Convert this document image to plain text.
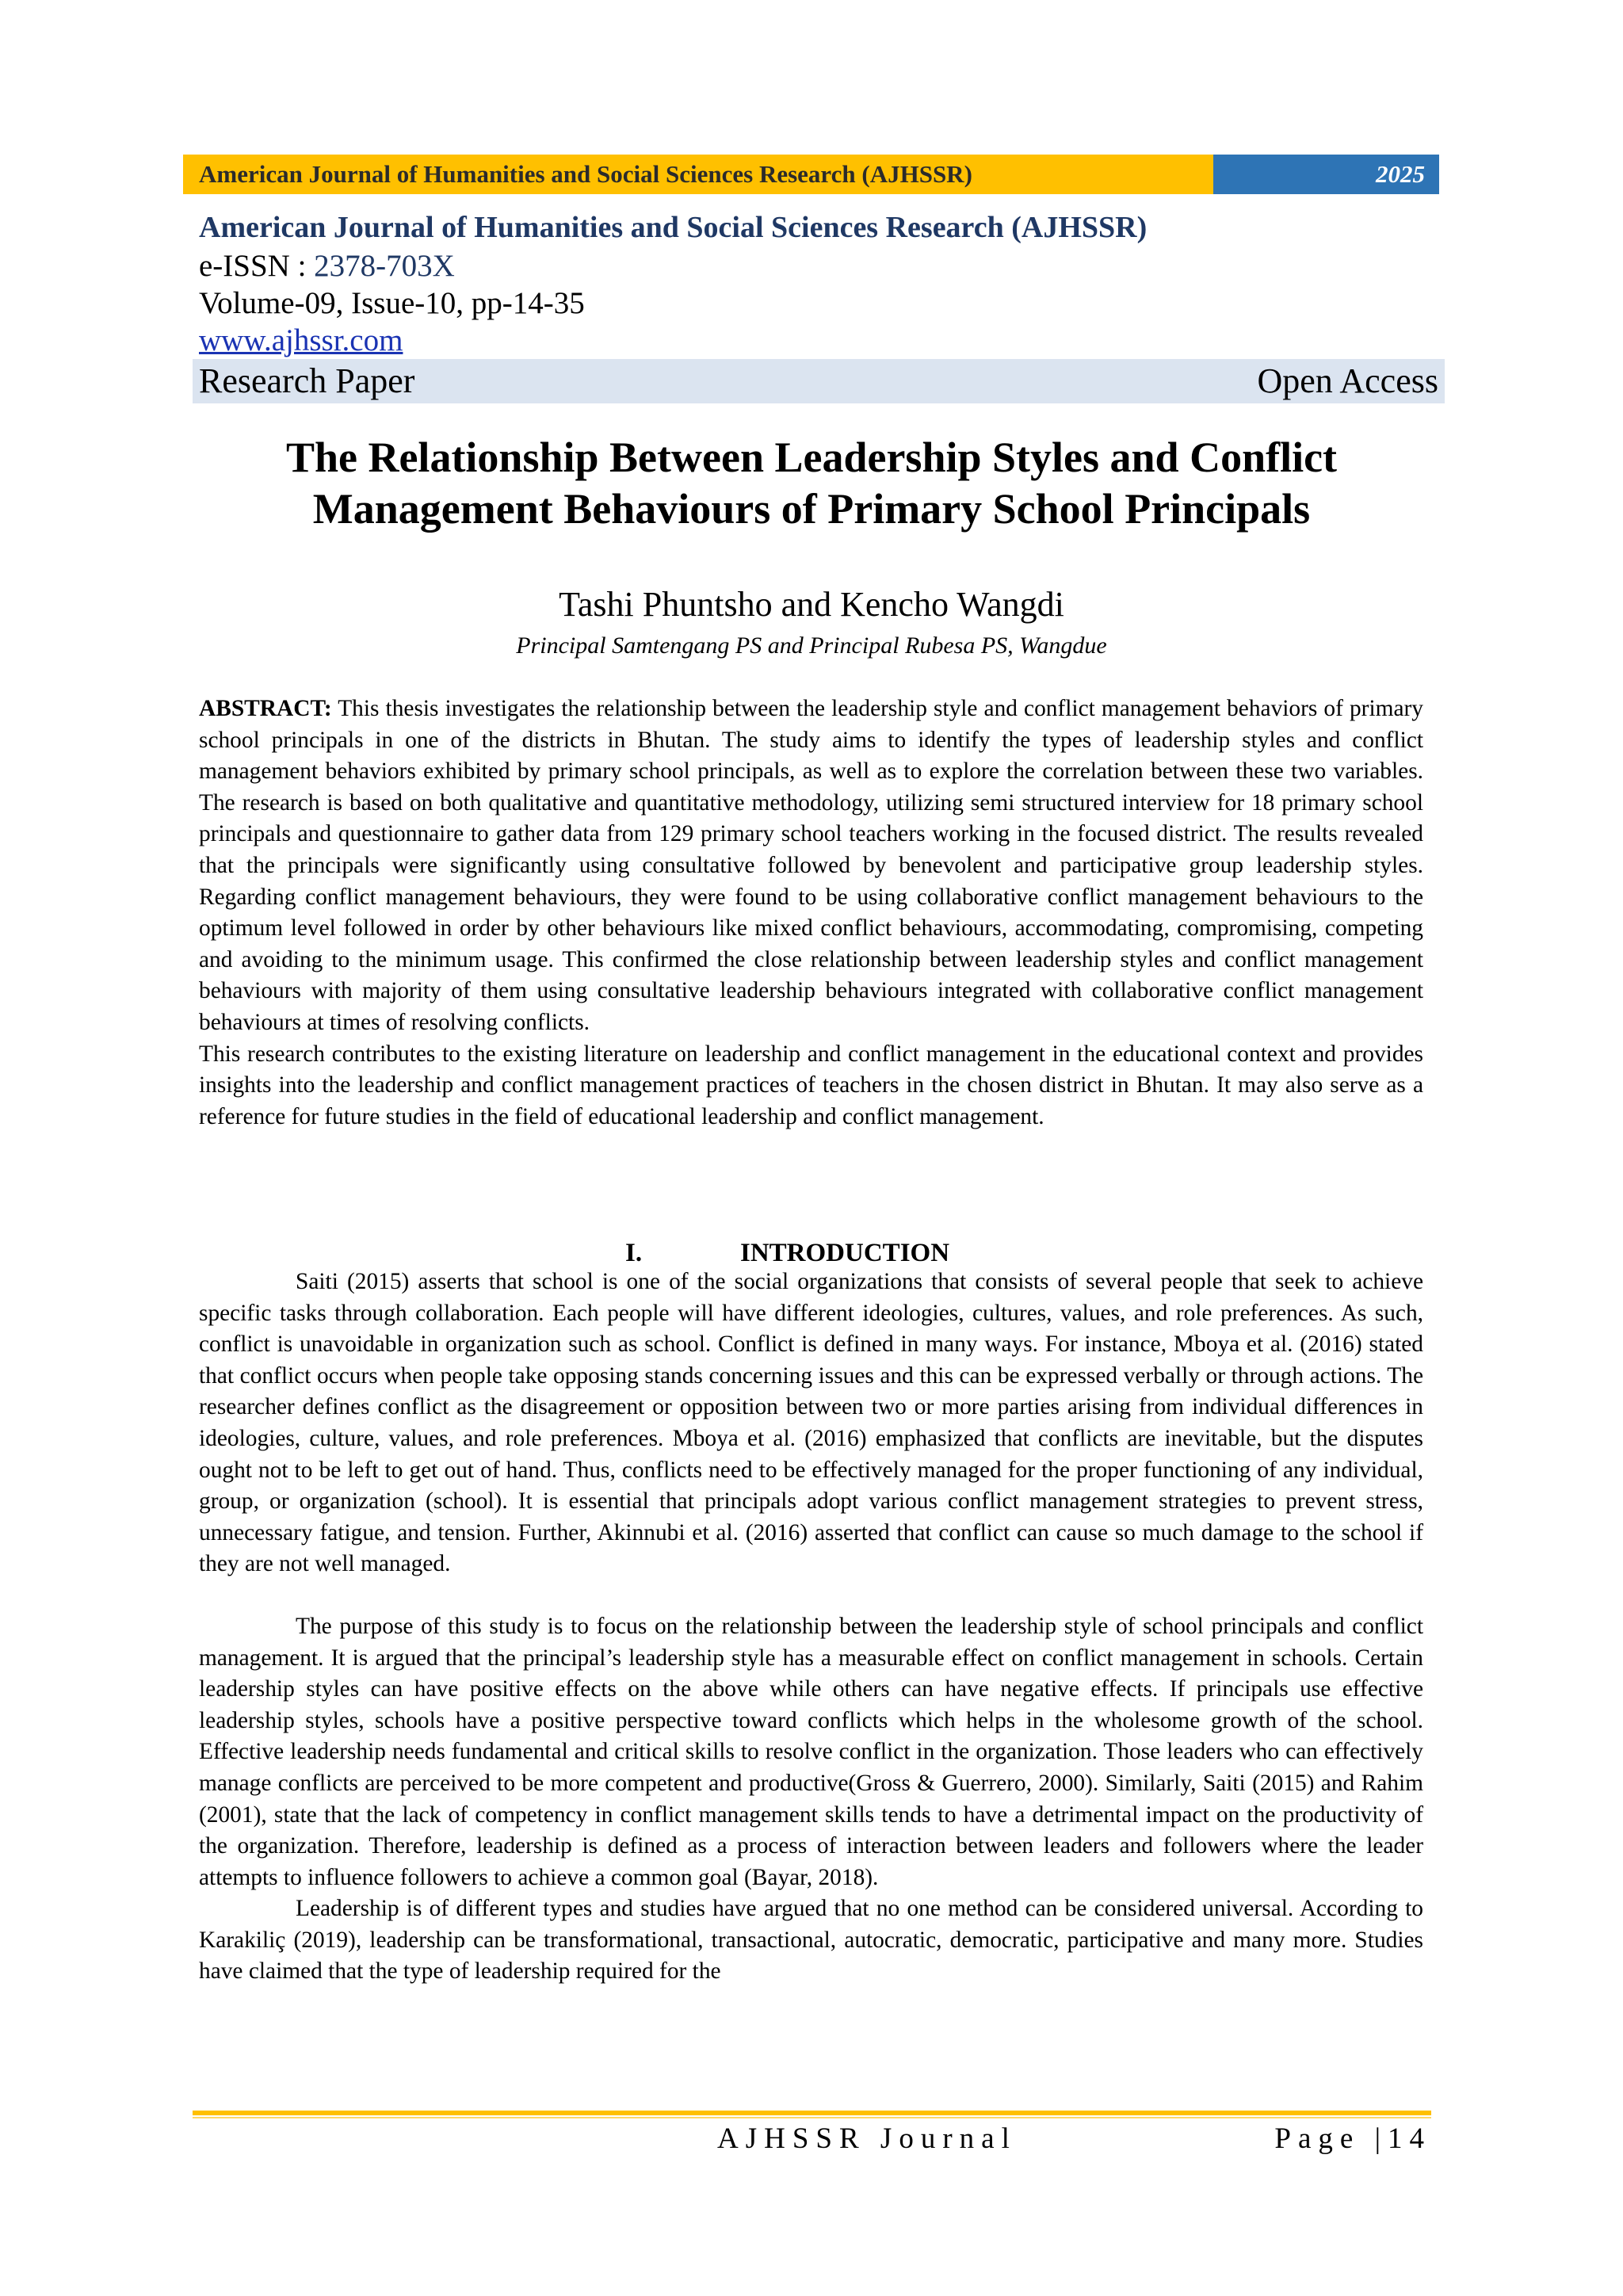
American Journal of Humanities and Social Sciences Research (AJHSSR)	2025
American Journal of Humanities and Social Sciences Research (AJHSSR)
e-ISSN : 2378-703X
Volume-09, Issue-10, pp-14-35
www.ajhssr.com
Research Paper	Open Access
The Relationship Between Leadership Styles and Conflict Management Behaviours of Primary School Principals
Tashi Phuntsho and Kencho Wangdi
Principal Samtengang PS and Principal Rubesa PS, Wangdue

ABSTRACT: This thesis investigates the relationship between the leadership style and conflict management behaviors of primary school principals in one of the districts in Bhutan. The study aims to identify the types of leadership styles and conflict management behaviors exhibited by primary school principals, as well as to explore the correlation between these two variables. The research is based on both qualitative and quantitative methodology, utilizing semi structured interview for 18 primary school principals and questionnaire to gather data from 129 primary school teachers working in the focused district. The results revealed that the principals were significantly using consultative followed by benevolent and participative group leadership styles. Regarding conflict management behaviours, they were found to be using collaborative conflict management behaviours to the optimum level followed in order by other behaviours like mixed conflict behaviours, accommodating, compromising, competing and avoiding to the minimum usage. This confirmed the close relationship between leadership styles and conflict management behaviours with majority of them using consultative leadership behaviours integrated with collaborative conflict management behaviours at times of resolving conflicts.

This research contributes to the existing literature on leadership and conflict management in the educational context and provides insights into the leadership and conflict management practices of teachers in the chosen district in Bhutan. It may also serve as a reference for future studies in the field of educational leadership and conflict management.

I.	INTRODUCTION

Saiti (2015) asserts that school is one of the social organizations that consists of several people that seek to achieve specific tasks through collaboration. Each people will have different ideologies, cultures, values, and role preferences. As such, conflict is unavoidable in organization such as school. Conflict is defined in many ways. For instance, Mboya et al. (2016) stated that conflict occurs when people take opposing stands concerning issues and this can be expressed verbally or through actions. The researcher defines conflict as the disagreement or opposition between two or more parties arising from individual differences in ideologies, culture, values, and role preferences. Mboya et al. (2016) emphasized that conflicts are inevitable, but the disputes ought not to be left to get out of hand. Thus, conflicts need to be effectively managed for the proper functioning of any individual, group, or organization (school). It is essential that principals adopt various conflict management strategies to prevent stress, unnecessary fatigue, and tension. Further, Akinnubi et al. (2016) asserted that conflict can cause so much damage to the school if they are not well managed.

The purpose of this study is to focus on the relationship between the leadership style of school principals and conflict management. It is argued that the principal’s leadership style has a measurable effect on conflict management in schools. Certain leadership styles can have positive effects on the above while others can have negative effects. If principals use effective leadership styles, schools have a positive perspective toward conflicts which helps in the wholesome growth of the school. Effective leadership needs fundamental and critical skills to resolve conflict in the organization. Those leaders who can effectively manage conflicts are perceived to be more competent and productive(Gross & Guerrero, 2000). Similarly, Saiti (2015) and Rahim (2001), state that the lack of competency in conflict management skills tends to have a detrimental impact on the productivity of the organization. Therefore, leadership is defined as a process of interaction between leaders and followers where the leader attempts to influence followers to achieve a common goal (Bayar, 2018).

Leadership is of different types and studies have argued that no one method can be considered universal. According to Karakiliç (2019), leadership can be transformational, transactional, autocratic, democratic, participative and many more. Studies have claimed that the type of leadership required for the

AJHSSR Journal	Page |14
